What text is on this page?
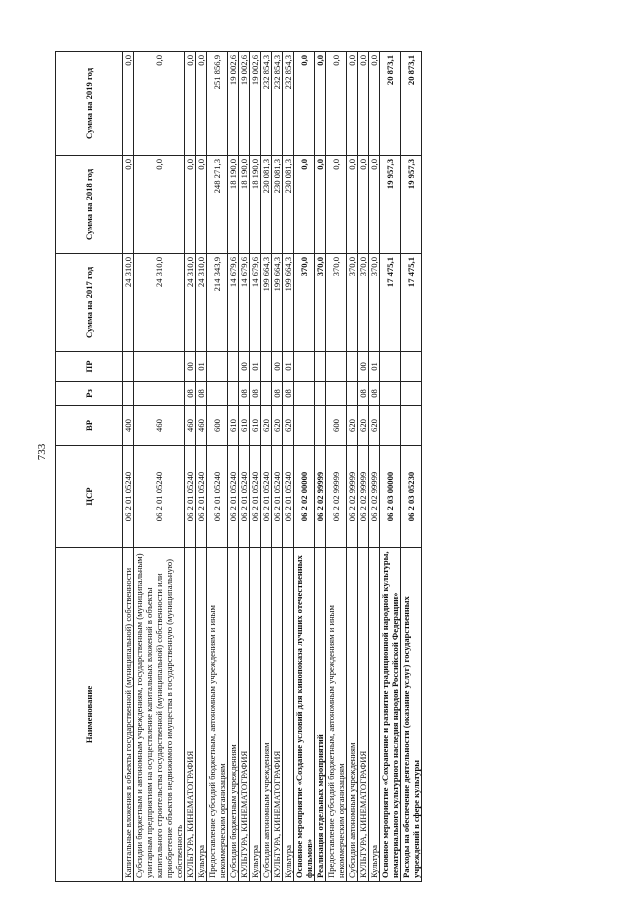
733
Наименование	ЦСР	ВР	Рз	ПР	Сумма на 2017 год	Сумма на 2018 год	Сумма на 2019 год
Капитальные вложения в объекты государственной (муниципальной) собственности	06 2 01 05240	400			24 310,0	0,0	0,0
Субсидии бюджетным и автономным учреждениям, государственным (муниципальным) унитарным предприятиям на осуществление капитальных вложений в объекты капитального строительства государственной (муниципальной) собственности или приобретение объектов недвижимого имущества в государственную (муниципальную) собственность	06 2 01 05240	460			24 310,0	0,0	0,0
КУЛЬТУРА, КИНЕМАТОГРАФИЯ	06 2 01 05240	460	08	00	24 310,0	0,0	0,0
Культура	06 2 01 05240	460	08	01	24 310,0	0,0	0,0
Предоставление субсидий бюджетным, автономным учреждениям и иным некоммерческим организациям	06 2 01 05240	600			214 343,9	248 271,3	251 856,9
Субсидии бюджетным учреждениям	06 2 01 05240	610			14 679,6	18 190,0	19 002,6
КУЛЬТУРА, КИНЕМАТОГРАФИЯ	06 2 01 05240	610	08	00	14 679,6	18 190,0	19 002,6
Культура	06 2 01 05240	610	08	01	14 679,6	18 190,0	19 002,6
Субсидии автономным учреждениям	06 2 01 05240	620			199 664,3	230 081,3	232 854,3
КУЛЬТУРА, КИНЕМАТОГРАФИЯ	06 2 01 05240	620	08	00	199 664,3	230 081,3	232 854,3
Культура	06 2 01 05240	620	08	01	199 664,3	230 081,3	232 854,3
Основное мероприятие «Создание условий для кинопоказа лучших отечественных фильмов»	06 2 02 00000				370,0	0,0	0,0
Реализация отдельных мероприятий	06 2 02 99999				370,0	0,0	0,0
Предоставление субсидий бюджетным, автономным учреждениям и иным некоммерческим организациям	06 2 02 99999	600			370,0	0,0	0,0
Субсидии автономным учреждениям	06 2 02 99999	620			370,0	0,0	0,0
КУЛЬТУРА, КИНЕМАТОГРАФИЯ	06 2 02 99999	620	08	00	370,0	0,0	0,0
Культура	06 2 02 99999	620	08	01	370,0	0,0	0,0
Основное мероприятие «Сохранение и развитие традиционной народной культуры, нематериального культурного наследия народов Российской Федерации»	06 2 03 00000				17 475,1	19 957,3	20 873,1
Расходы на обеспечение деятельности (оказание услуг) государственных учреждений в сфере культуры	06 2 03 05230				17 475,1	19 957,3	20 873,1
